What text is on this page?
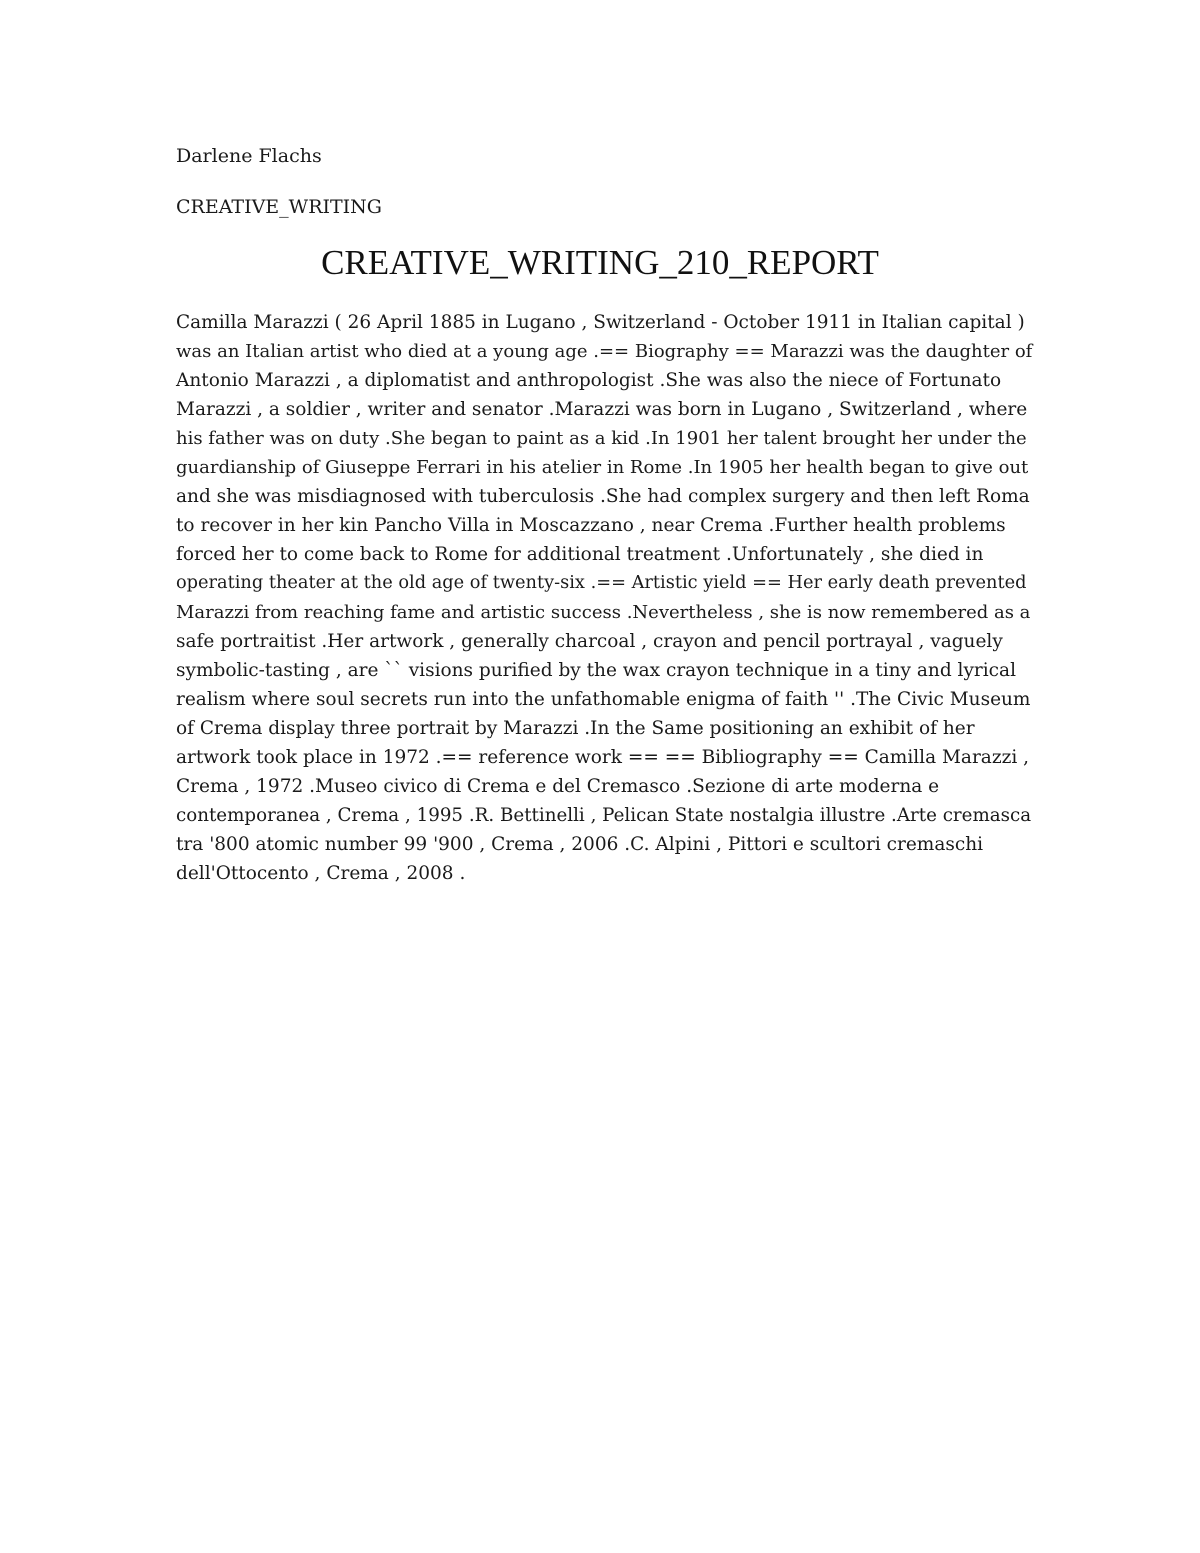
Darlene Flachs

CREATIVE_WRITING

CREATIVE_WRITING_210_REPORT
Camilla Marazzi ( 26 April 1885 in Lugano , Switzerland - October 1911 in Italian capital )
was an Italian artist who died at a young age .== Biography == Marazzi was the daughter of
Antonio Marazzi , a diplomatist and anthropologist .She was also the niece of Fortunato
Marazzi , a soldier , writer and senator .Marazzi was born in Lugano , Switzerland , where
his father was on duty .She began to paint as a kid .In 1901 her talent brought her under the
guardianship of Giuseppe Ferrari in his atelier in Rome .In 1905 her health began to give out
and she was misdiagnosed with tuberculosis .She had complex surgery and then left Roma
to recover in her kin Pancho Villa in Moscazzano , near Crema .Further health problems
forced her to come back to Rome for additional treatment .Unfortunately , she died in
operating theater at the old age of twenty-six .== Artistic yield == Her early death prevented
Marazzi from reaching fame and artistic success .Nevertheless , she is now remembered as a
safe portraitist .Her artwork , generally charcoal , crayon and pencil portrayal , vaguely
symbolic-tasting , are `` visions purified by the wax crayon technique in a tiny and lyrical
realism where soul secrets run into the unfathomable enigma of faith '' .The Civic Museum
of Crema display three portrait by Marazzi .In the Same positioning an exhibit of her
artwork took place in 1972 .== reference work == == Bibliography == Camilla Marazzi ,
Crema , 1972 .Museo civico di Crema e del Cremasco .Sezione di arte moderna e
contemporanea , Crema , 1995 .R. Bettinelli , Pelican State nostalgia illustre .Arte cremasca
tra '800 atomic number 99 '900 , Crema , 2006 .C. Alpini , Pittori e scultori cremaschi
dell'Ottocento , Crema , 2008 .
